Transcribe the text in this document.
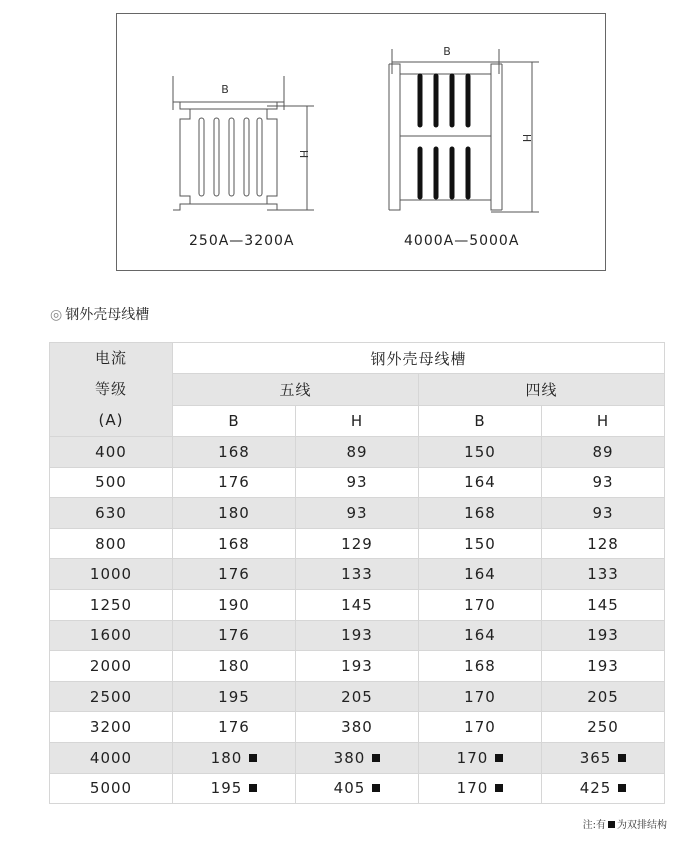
B
H
B
H
250A—3200A	4000A—5000A
◎ 钢外壳母线槽
电流
等级
(A)	钢外壳母线槽			
	五线		四线	
	B	H	B	H
400	168	89	150	89
500	176	93	164	93
630	180	93	168	93
800	168	129	150	128
1000	176	133	164	133
1250	190	145	170	145
1600	176	193	164	193
2000	180	193	168	193
2500	195	205	170	205
3200	176	380	170	250
4000	180	380	170	365
5000	195	405	170	425
注:有 为双排结构
